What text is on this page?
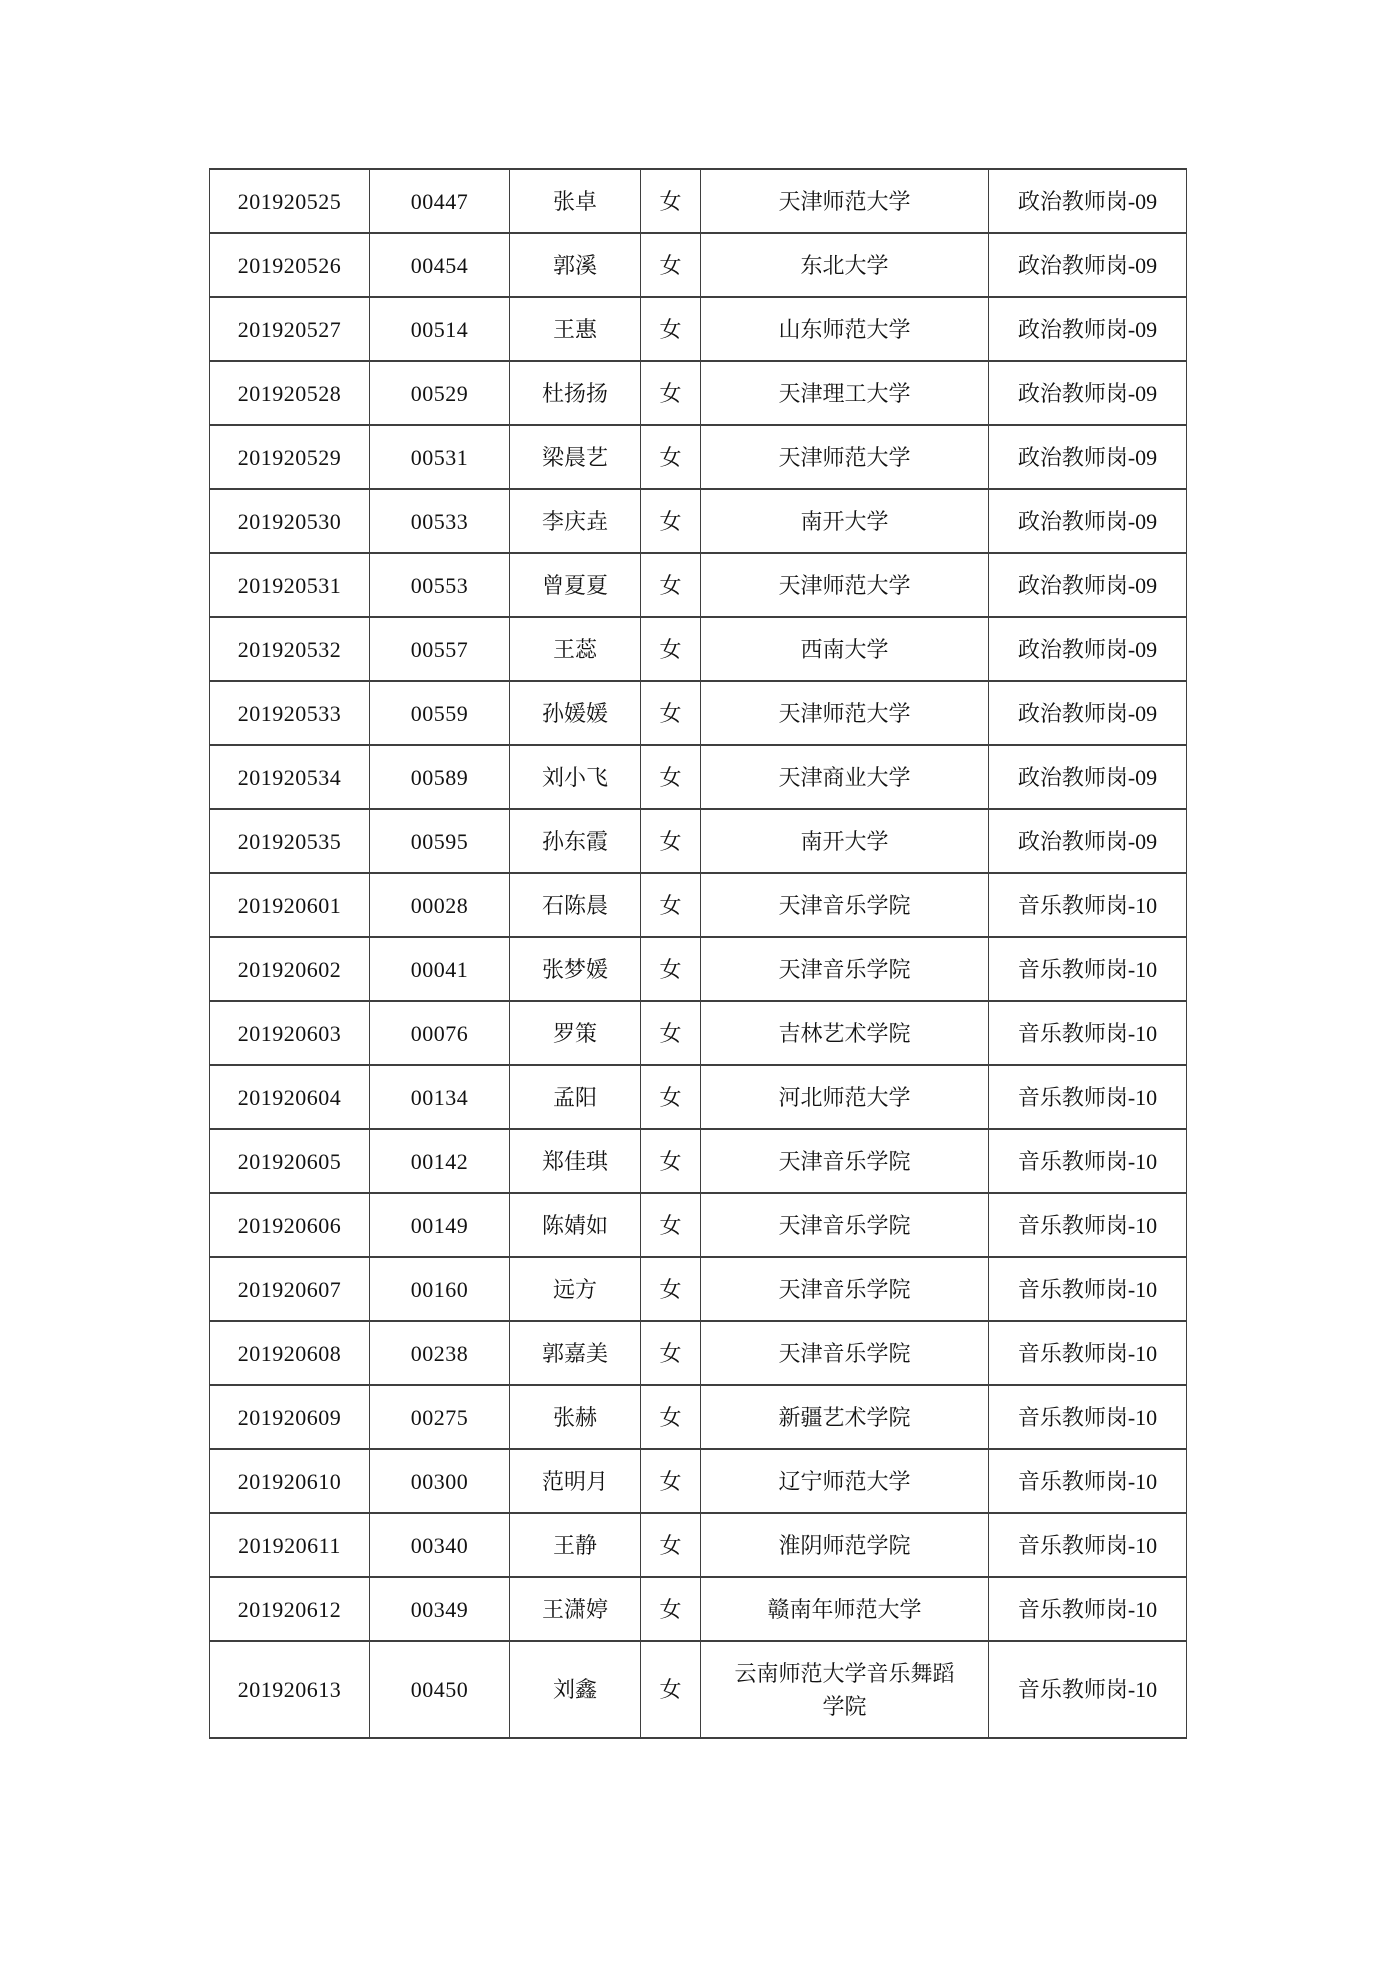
201920525	00447	张卓	女	天津师范大学	政治教师岗-09
201920526	00454	郭溪	女	东北大学	政治教师岗-09
201920527	00514	王惠	女	山东师范大学	政治教师岗-09
201920528	00529	杜扬扬	女	天津理工大学	政治教师岗-09
201920529	00531	梁晨艺	女	天津师范大学	政治教师岗-09
201920530	00533	李庆垚	女	南开大学	政治教师岗-09
201920531	00553	曾夏夏	女	天津师范大学	政治教师岗-09
201920532	00557	王蕊	女	西南大学	政治教师岗-09
201920533	00559	孙媛媛	女	天津师范大学	政治教师岗-09
201920534	00589	刘小飞	女	天津商业大学	政治教师岗-09
201920535	00595	孙东霞	女	南开大学	政治教师岗-09
201920601	00028	石陈晨	女	天津音乐学院	音乐教师岗-10
201920602	00041	张梦媛	女	天津音乐学院	音乐教师岗-10
201920603	00076	罗策	女	吉林艺术学院	音乐教师岗-10
201920604	00134	孟阳	女	河北师范大学	音乐教师岗-10
201920605	00142	郑佳琪	女	天津音乐学院	音乐教师岗-10
201920606	00149	陈婧如	女	天津音乐学院	音乐教师岗-10
201920607	00160	远方	女	天津音乐学院	音乐教师岗-10
201920608	00238	郭嘉美	女	天津音乐学院	音乐教师岗-10
201920609	00275	张赫	女	新疆艺术学院	音乐教师岗-10
201920610	00300	范明月	女	辽宁师范大学	音乐教师岗-10
201920611	00340	王静	女	淮阴师范学院	音乐教师岗-10
201920612	00349	王潇婷	女	赣南年师范大学	音乐教师岗-10
201920613	00450	刘鑫	女	云南师范大学音乐舞蹈学院	音乐教师岗-10
